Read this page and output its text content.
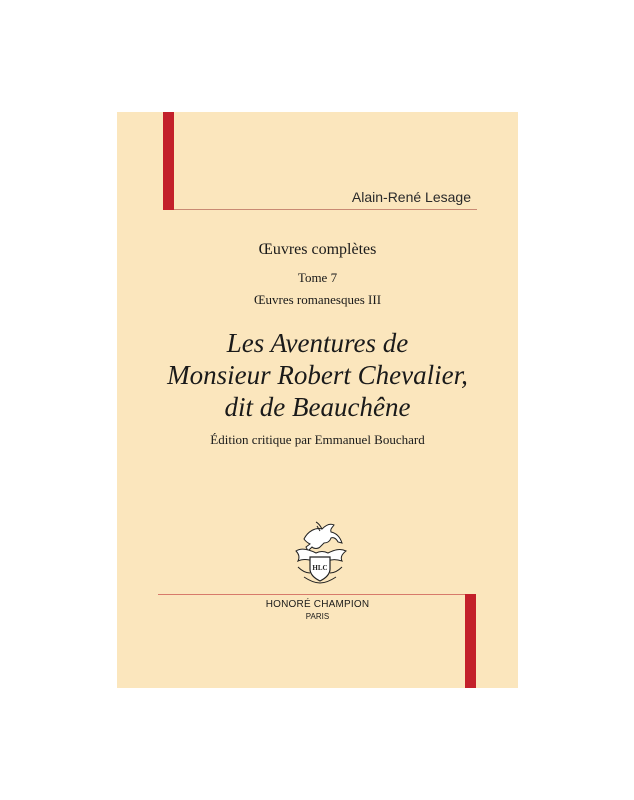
Alain-René Lesage
Œuvres complètes
Tome 7
Œuvres romanesques III
Les Aventures de
Monsieur Robert Chevalier,
dit de Beauchêne
Édition critique par Emmanuel Bouchard
HLC
HONORÉ CHAMPION
PARIS
